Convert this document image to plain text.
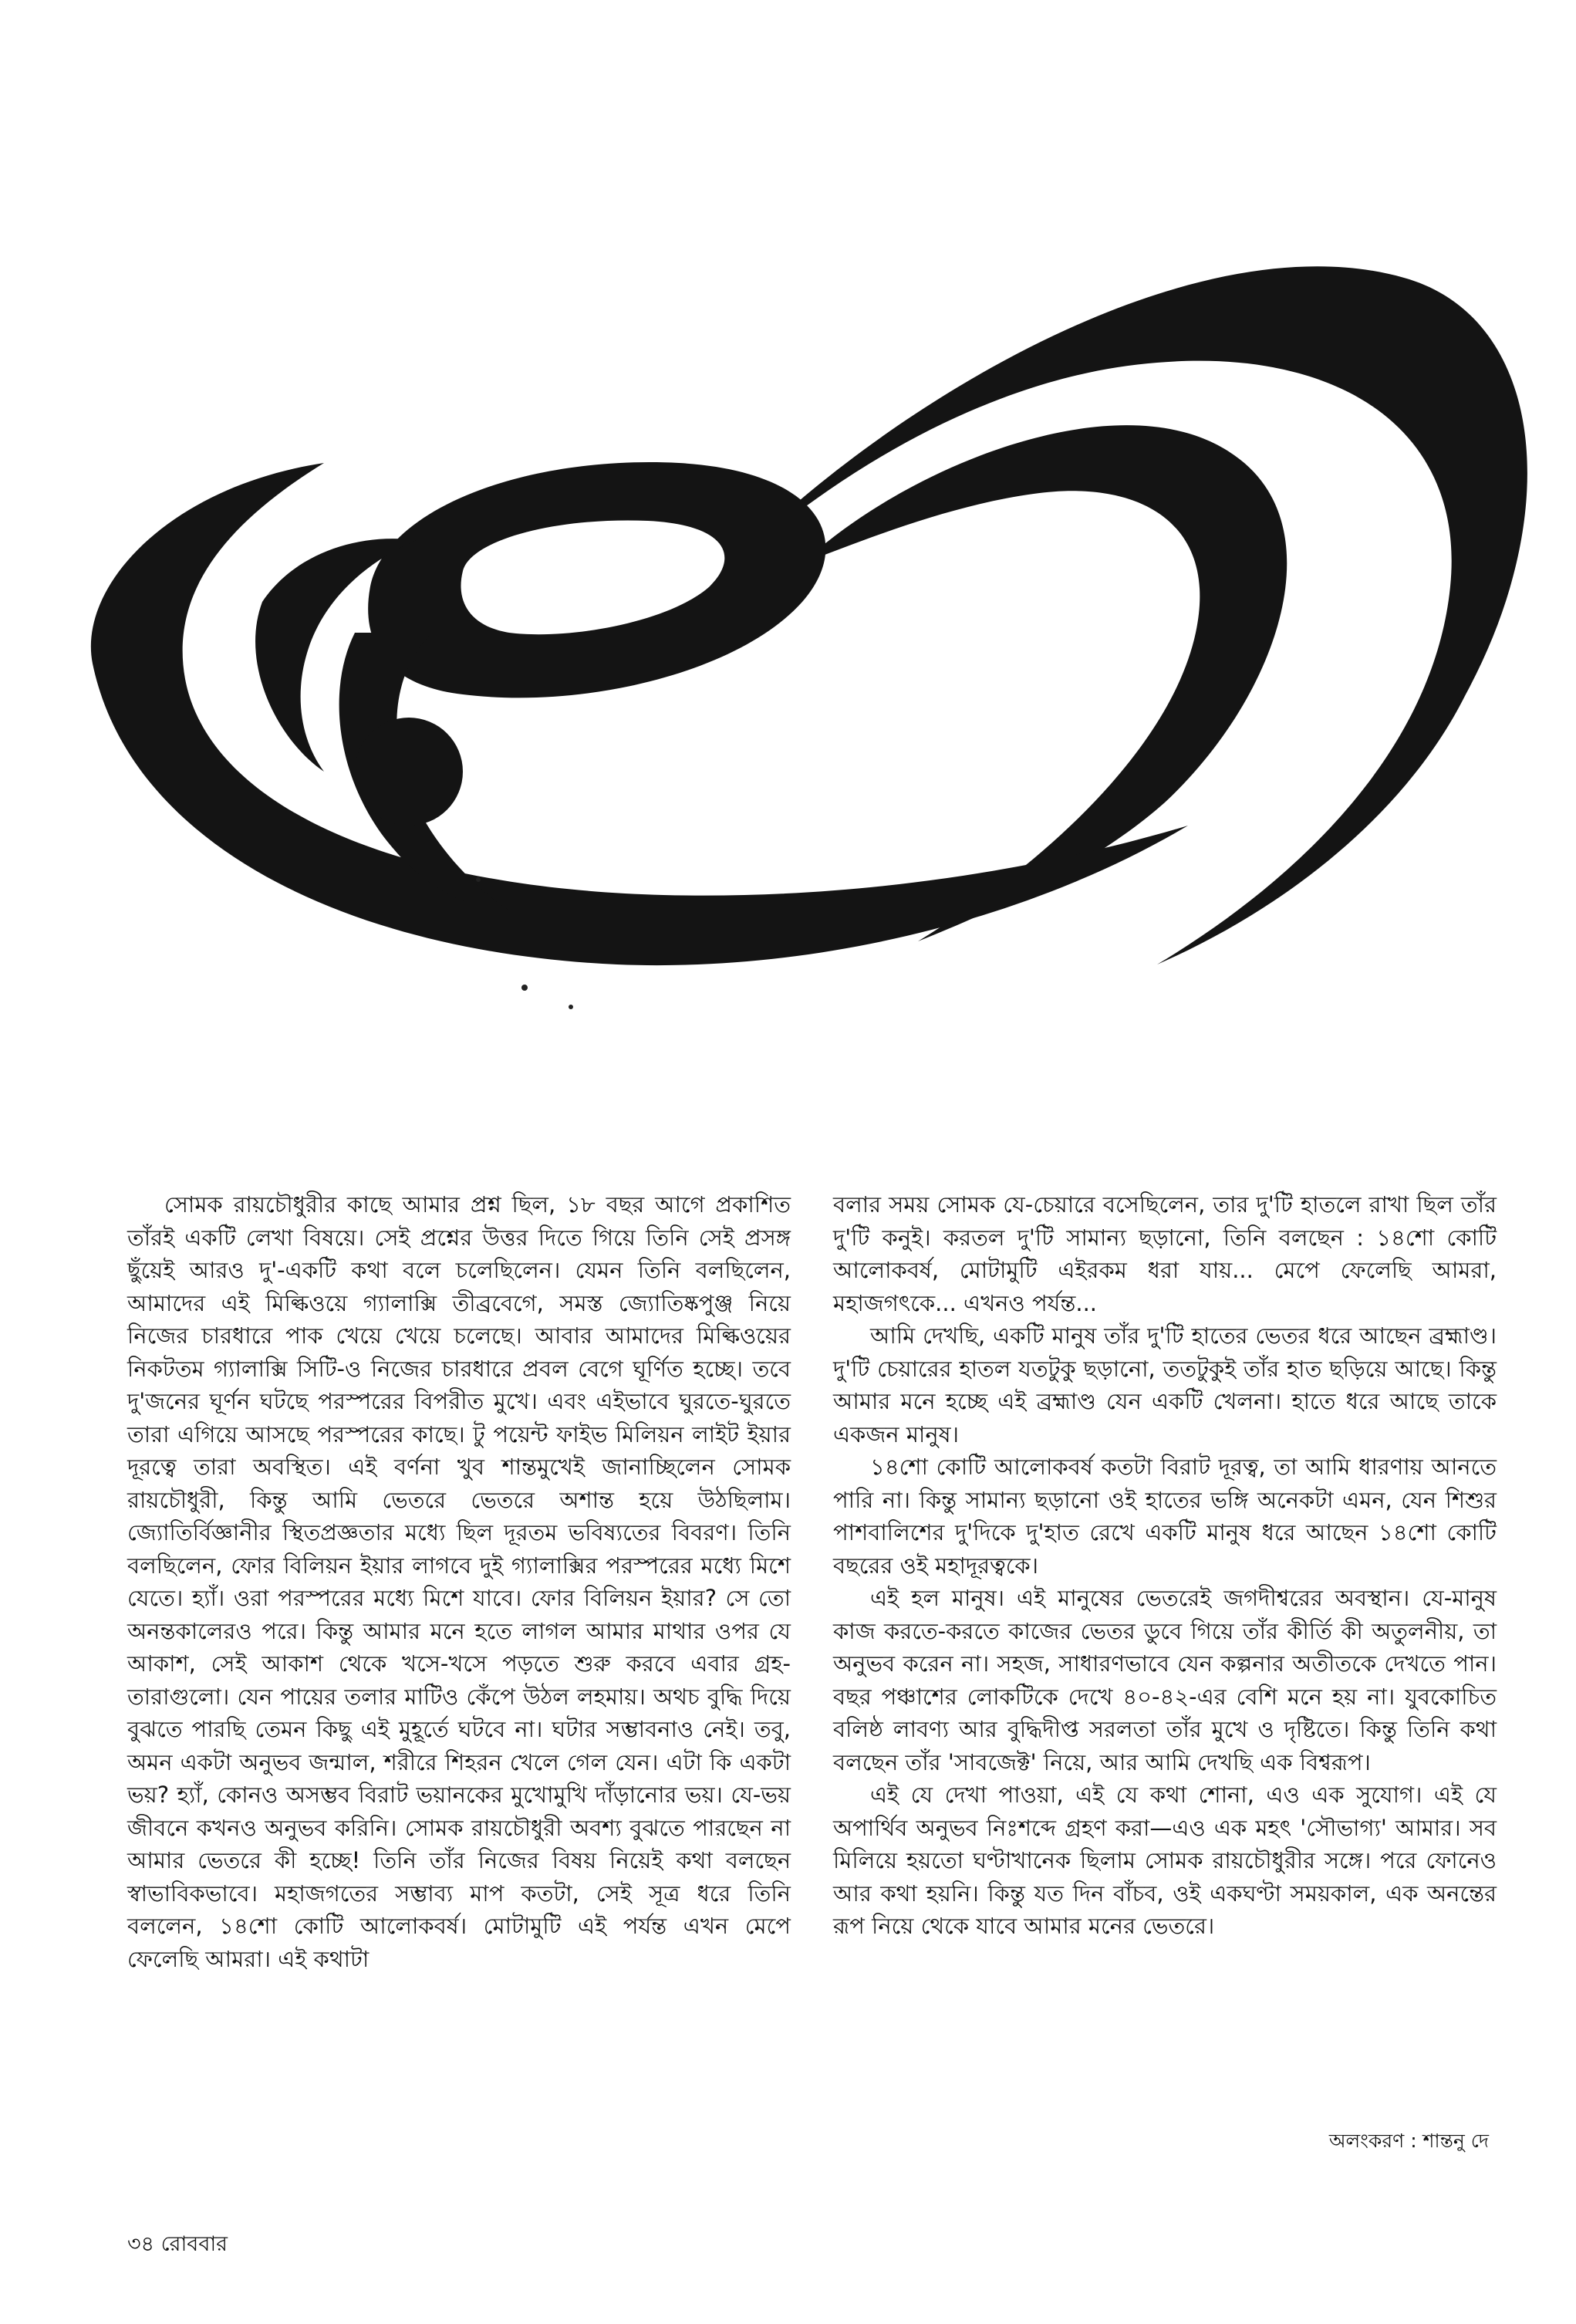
সোমক রায়চৌধুরীর কাছে আমার প্রশ্ন ছিল, ১৮ বছর আগে প্রকাশিত তাঁরই একটি লেখা বিষয়ে। সেই প্রশ্নের উত্তর দিতে গিয়ে তিনি সেই প্রসঙ্গ ছুঁয়েই আরও দু'-একটি কথা বলে চলেছিলেন। যেমন তিনি বলছিলেন, আমাদের এই মিল্কিওয়ে গ্যালাক্সি তীব্রবেগে, সমস্ত জ্যোতিষ্কপুঞ্জ নিয়ে নিজের চারধারে পাক খেয়ে খেয়ে চলেছে। আবার আমাদের মিল্কিওয়ের নিকটতম গ্যালাক্সি সিটি-ও নিজের চারধারে প্রবল বেগে ঘূর্ণিত হচ্ছে। তবে দু'জনের ঘূর্ণন ঘটছে পরস্পরের বিপরীত মুখে। এবং এইভাবে ঘুরতে-ঘুরতে তারা এগিয়ে আসছে পরস্পরের কাছে। টু পয়েন্ট ফাইভ মিলিয়ন লাইট ইয়ার দূরত্বে তারা অবস্থিত। এই বর্ণনা খুব শান্তমুখেই জানাচ্ছিলেন সোমক রায়চৌধুরী, কিন্তু আমি ভেতরে ভেতরে অশান্ত হয়ে উঠছিলাম। জ্যোতির্বিজ্ঞানীর স্থিতপ্রজ্ঞতার মধ্যে ছিল দূরতম ভবিষ্যতের বিবরণ। তিনি বলছিলেন, ফোর বিলিয়ন ইয়ার লাগবে দুই গ্যালাক্সির পরস্পরের মধ্যে মিশে যেতে। হ্যাঁ। ওরা পরস্পরের মধ্যে মিশে যাবে। ফোর বিলিয়ন ইয়ার? সে তো অনন্তকালেরও পরে। কিন্তু আমার মনে হতে লাগল আমার মাথার ওপর যে আকাশ, সেই আকাশ থেকে খসে-খসে পড়তে শুরু করবে এবার গ্রহ-তারাগুলো। যেন পায়ের তলার মাটিও কেঁপে উঠল লহমায়। অথচ বুদ্ধি দিয়ে বুঝতে পারছি তেমন কিছু এই মুহূর্তে ঘটবে না। ঘটার সম্ভাবনাও নেই। তবু, অমন একটা অনুভব জন্মাল, শরীরে শিহরন খেলে গেল যেন। এটা কি একটা ভয়? হ্যাঁ, কোনও অসম্ভব বিরাট ভয়ানকের মুখোমুখি দাঁড়ানোর ভয়। যে-ভয় জীবনে কখনও অনুভব করিনি। সোমক রায়চৌধুরী অবশ্য বুঝতে পারছেন না আমার ভেতরে কী হচ্ছে! তিনি তাঁর নিজের বিষয় নিয়েই কথা বলছেন স্বাভাবিকভাবে। মহাজগতের সম্ভাব্য মাপ কতটা, সেই সূত্র ধরে তিনি বললেন, ১৪শো কোটি আলোকবর্ষ। মোটামুটি এই পর্যন্ত এখন মেপে ফেলেছি আমরা। এই কথাটা

বলার সময় সোমক যে-চেয়ারে বসেছিলেন, তার দু'টি হাতলে রাখা ছিল তাঁর দু'টি কনুই। করতল দু'টি সামান্য ছড়ানো, তিনি বলছেন : ১৪শো কোটি আলোকবর্ষ, মোটামুটি এইরকম ধরা যায়... মেপে ফেলেছি আমরা, মহাজগৎকে... এখনও পর্যন্ত...

আমি দেখছি, একটি মানুষ তাঁর দু'টি হাতের ভেতর ধরে আছেন ব্রহ্মাণ্ড। দু'টি চেয়ারের হাতল যতটুকু ছড়ানো, ততটুকুই তাঁর হাত ছড়িয়ে আছে। কিন্তু আমার মনে হচ্ছে এই ব্রহ্মাণ্ড যেন একটি খেলনা। হাতে ধরে আছে তাকে একজন মানুষ।

১৪শো কোটি আলোকবর্ষ কতটা বিরাট দূরত্ব, তা আমি ধারণায় আনতে পারি না। কিন্তু সামান্য ছড়ানো ওই হাতের ভঙ্গি অনেকটা এমন, যেন শিশুর পাশবালিশের দু'দিকে দু'হাত রেখে একটি মানুষ ধরে আছেন ১৪শো কোটি বছরের ওই মহাদূরত্বকে।

এই হল মানুষ। এই মানুষের ভেতরেই জগদীশ্বরের অবস্থান। যে-মানুষ কাজ করতে-করতে কাজের ভেতর ডুবে গিয়ে তাঁর কীর্তি কী অতুলনীয়, তা অনুভব করেন না। সহজ, সাধারণভাবে যেন কল্পনার অতীতকে দেখতে পান। বছর পঞ্চাশের লোকটিকে দেখে ৪০-৪২-এর বেশি মনে হয় না। যুবকোচিত বলিষ্ঠ লাবণ্য আর বুদ্ধিদীপ্ত সরলতা তাঁর মুখে ও দৃষ্টিতে। কিন্তু তিনি কথা বলছেন তাঁর 'সাবজেক্ট' নিয়ে, আর আমি দেখছি এক বিশ্বরূপ।

এই যে দেখা পাওয়া, এই যে কথা শোনা, এও এক সুযোগ। এই যে অপার্থিব অনুভব নিঃশব্দে গ্রহণ করা—এও এক মহৎ 'সৌভাগ্য' আমার। সব মিলিয়ে হয়তো ঘণ্টাখানেক ছিলাম সোমক রায়চৌধুরীর সঙ্গে। পরে ফোনেও আর কথা হয়নি। কিন্তু যত দিন বাঁচব, ওই একঘণ্টা সময়কাল, এক অনন্তের রূপ নিয়ে থেকে যাবে আমার মনের ভেতরে।

অলংকরণ : শান্তনু দে
৩৪ রোববার
